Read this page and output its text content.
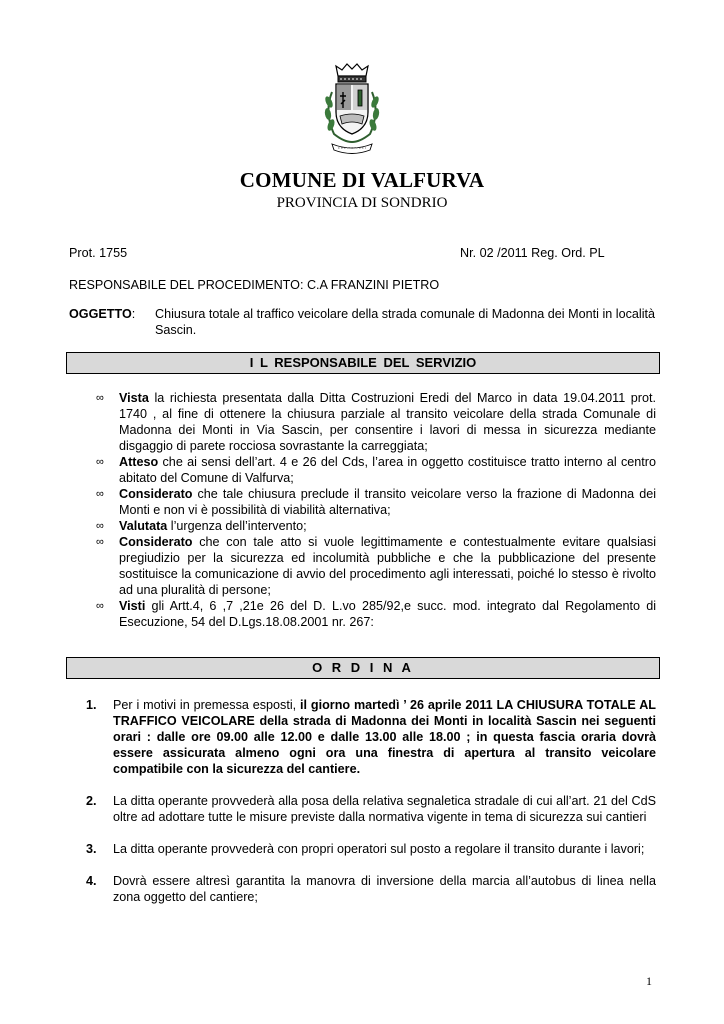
COMUNE DI VALFURVA
PROVINCIA DI SONDRIO
Prot. 1755	Nr. 02 /2011 Reg. Ord. PL
RESPONSABILE DEL PROCEDIMENTO: C.A FRANZINI PIETRO
OGGETTO: Chiusura totale al traffico veicolare della strada comunale di Madonna dei Monti in località Sascin.
I L RESPONSABILE DEL SERVIZIO
∞ Vista la richiesta presentata dalla Ditta Costruzioni Eredi del Marco in data 19.04.2011 prot. 1740 , al fine di ottenere la chiusura parziale al transito veicolare della strada Comunale di Madonna dei Monti in Via Sascin, per consentire i lavori di messa in sicurezza mediante disgaggio di parete rocciosa sovrastante la carreggiata;
∞ Atteso che ai sensi dell’art. 4 e 26 del Cds, l’area in oggetto costituisce tratto interno al centro abitato del Comune di Valfurva;
∞ Considerato che tale chiusura preclude il transito veicolare verso la frazione di Madonna dei Monti e non vi è possibilità di viabilità alternativa;
∞ Valutata l’urgenza dell’intervento;
∞ Considerato che con tale atto si vuole legittimamente e contestualmente evitare qualsiasi pregiudizio per la sicurezza ed incolumità pubbliche e che la pubblicazione del presente sostituisce la comunicazione di avvio del procedimento agli interessati, poiché lo stesso è rivolto ad una pluralità di persone;
∞ Visti gli Artt.4, 6 ,7 ,21e 26 del D. L.vo 285/92,e succ. mod. integrato dal Regolamento di Esecuzione, 54 del D.Lgs.18.08.2001 nr. 267:
O R D I N A
1. Per i motivi in premessa esposti, il giorno martedì ’ 26 aprile 2011 LA CHIUSURA TOTALE AL TRAFFICO VEICOLARE della strada di Madonna dei Monti in località Sascin nei seguenti orari : dalle ore 09.00 alle 12.00 e dalle 13.00 alle 18.00 ; in questa fascia oraria dovrà essere assicurata almeno ogni ora una finestra di apertura al transito veicolare compatibile con la sicurezza del cantiere.
2. La ditta operante provvederà alla posa della relativa segnaletica stradale di cui all’art. 21 del CdS oltre ad adottare tutte le misure previste dalla normativa vigente in tema di sicurezza sui cantieri
3. La ditta operante provvederà con propri operatori sul posto a regolare il transito durante i lavori;
4. Dovrà essere altresì garantita la manovra di inversione della marcia all’autobus di linea nella zona oggetto del cantiere;
1
